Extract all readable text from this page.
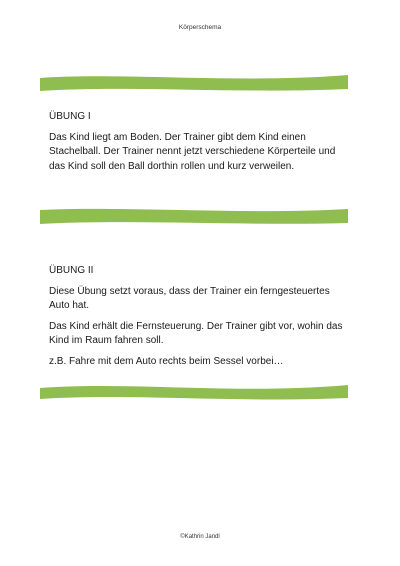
Körperschema

ÜBUNG I

Das Kind liegt am Boden. Der Trainer gibt dem Kind einen Stachelball. Der Trainer nennt jetzt verschiedene Körperteile und das Kind soll den Ball dorthin rollen und kurz verweilen.

ÜBUNG II

Diese Übung setzt voraus, dass der Trainer ein ferngesteuertes Auto hat.

Das Kind erhält die Fernsteuerung. Der Trainer gibt vor, wohin das Kind im Raum fahren soll.

z.B. Fahre mit dem Auto rechts beim Sessel vorbei…

©Kathrin Jandl
